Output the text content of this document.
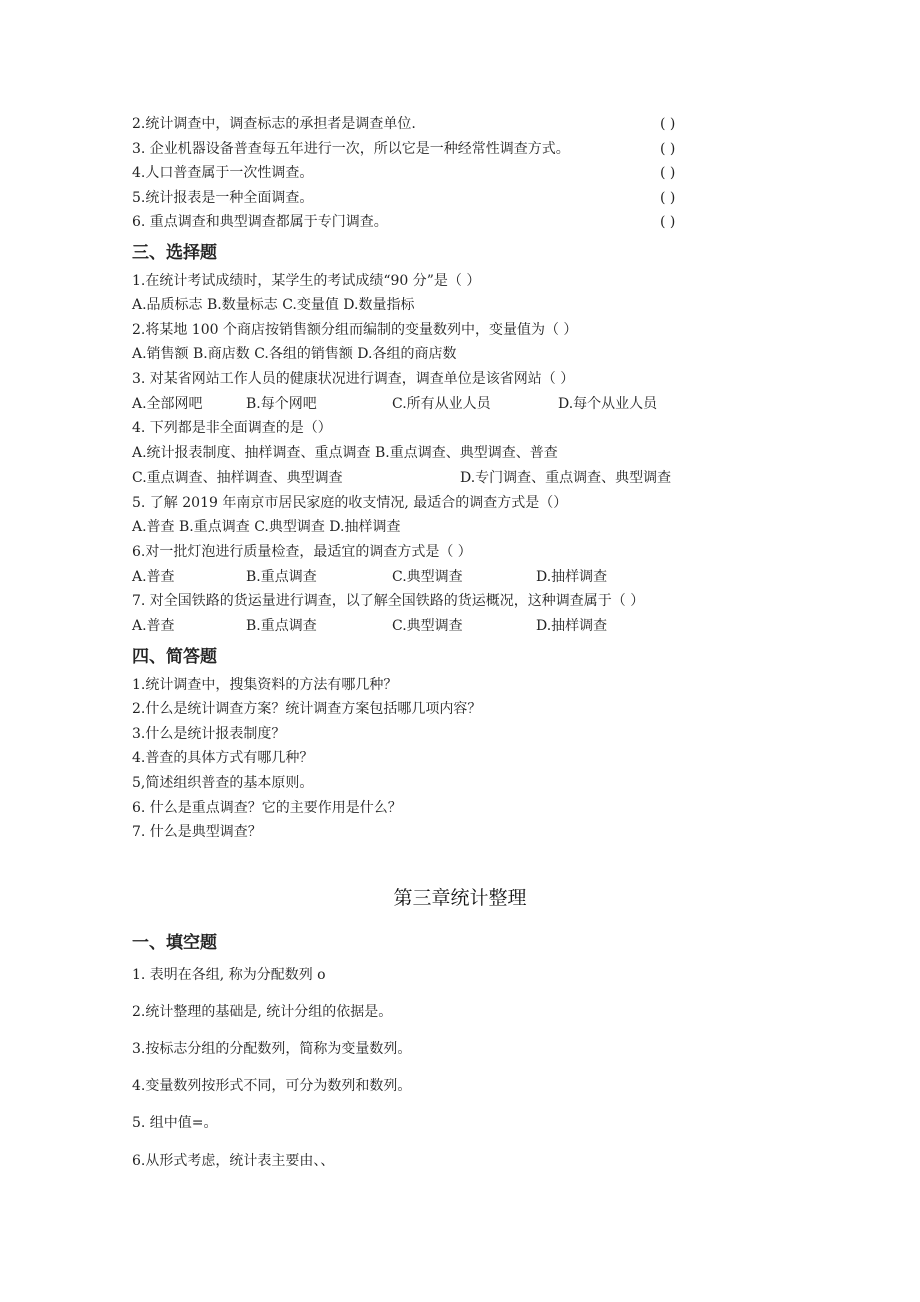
2.统计调查中，调查标志的承担者是调查单位.	( )
3. 企业机器设备普查每五年进行一次，所以它是一种经常性调查方式。	( )
4.人口普查属于一次性调查。	( )
5.统计报表是一种全面调查。	( )
6. 重点调查和典型调查都属于专门调查。	( )
三、选择题
1.在统计考试成绩时，某学生的考试成绩“90 分”是（ ）
A.品质标志 B.数量标志 C.变量值 D.数量指标
2.将某地 100 个商店按销售额分组而编制的变量数列中，变量值为（ ）
A.销售额 B.商店数 C.各组的销售额 D.各组的商店数
3. 对某省网站工作人员的健康状况进行调查，调查单位是该省网站（ ）
A.全部网吧	B.每个网吧	C.所有从业人员	D.每个从业人员
4. 下列都是非全面调查的是（）
A.统计报表制度、抽样调查、重点调查 B.重点调查、典型调查、普查
C.重点调查、抽样调查、典型调查	D.专门调查、重点调查、典型调查
5. 了解 2019 年南京市居民家庭的收支情况, 最适合的调查方式是（）
A.普查 B.重点调查 C.典型调查 D.抽样调查
6.对一批灯泡进行质量检查，最适宜的调查方式是（ ）
A.普查	B.重点调查	C.典型调查	D.抽样调查
7. 对全国铁路的货运量进行调查，以了解全国铁路的货运概况，这种调查属于（ ）
A.普查	B.重点调查	C.典型调查	D.抽样调查
四、简答题
1.统计调查中，搜集资料的方法有哪几种？
2.什么是统计调查方案？统计调查方案包括哪几项内容？
3.什么是统计报表制度？
4.普查的具体方式有哪几种？
5,简述组织普查的基本原则。
6. 什么是重点调查？它的主要作用是什么？
7. 什么是典型调查？
第三章统计整理
一、填空题
1. 表明在各组, 称为分配数列 o
2.统计整理的基础是, 统计分组的依据是。
3.按标志分组的分配数列，简称为变量数列。
4.变量数列按形式不同，可分为数列和数列。
5. 组中值=。
6.从形式考虑，统计表主要由、、
